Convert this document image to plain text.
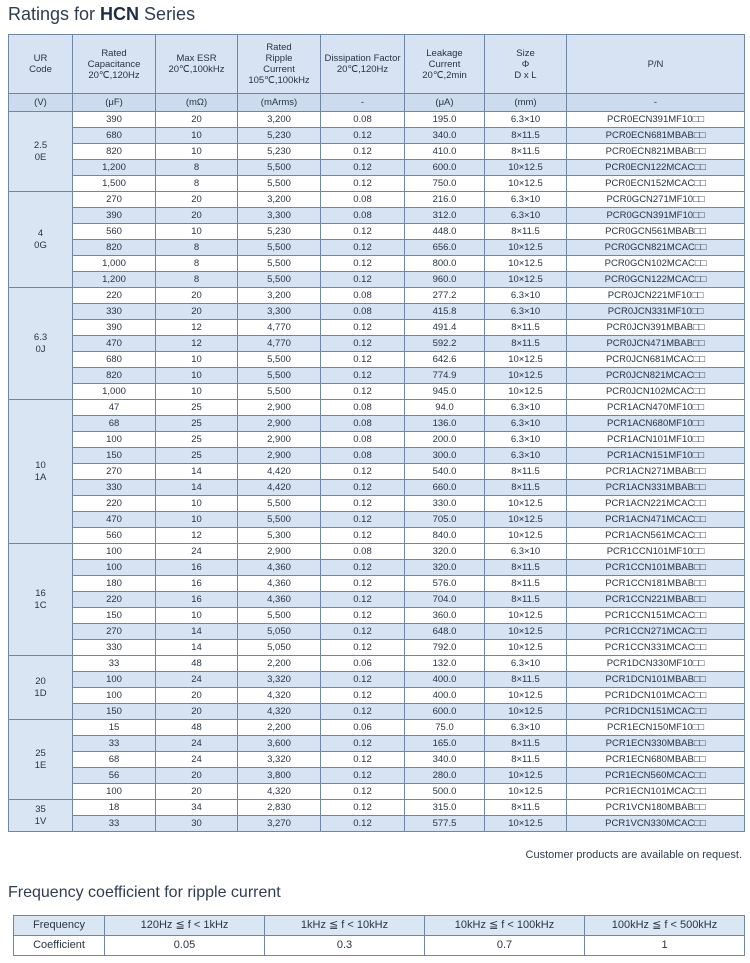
Ratings for HCN Series
UR
Code	Rated
Capacitance
20℃,120Hz	Max ESR
20℃,100kHz	Rated
Ripple
Current
105℃,100kHz	Dissipation Factor
20℃,120Hz	Leakage
Current
20℃,2min	Size
Φ
D x L	P/N
(V)	(μF)	(mΩ)	(mArms)	-	(μA)	(mm)	-
2.5
0E	390	20	3,200	0.08	195.0	6.3×10	PCR0ECN391MF10□□
	680	10	5,230	0.12	340.0	8×11.5	PCR0ECN681MBAB□□
	820	10	5,230	0.12	410.0	8×11.5	PCR0ECN821MBAB□□
	1,200	8	5,500	0.12	600.0	10×12.5	PCR0ECN122MCAC□□
	1,500	8	5,500	0.12	750.0	10×12.5	PCR0ECN152MCAC□□
4
0G	270	20	3,200	0.08	216.0	6.3×10	PCR0GCN271MF10□□
	390	20	3,300	0.08	312.0	6.3×10	PCR0GCN391MF10□□
	560	10	5,230	0.12	448.0	8×11.5	PCR0GCN561MBAB□□
	820	8	5,500	0.12	656.0	10×12.5	PCR0GCN821MCAC□□
	1,000	8	5,500	0.12	800.0	10×12.5	PCR0GCN102MCAC□□
	1,200	8	5,500	0.12	960.0	10×12.5	PCR0GCN122MCAC□□
6.3
0J	220	20	3,200	0.08	277.2	6.3×10	PCR0JCN221MF10□□
	330	20	3,300	0.08	415.8	6.3×10	PCR0JCN331MF10□□
	390	12	4,770	0.12	491.4	8×11.5	PCR0JCN391MBAB□□
	470	12	4,770	0.12	592.2	8×11.5	PCR0JCN471MBAB□□
	680	10	5,500	0.12	642.6	10×12.5	PCR0JCN681MCAC□□
	820	10	5,500	0.12	774.9	10×12.5	PCR0JCN821MCAC□□
	1,000	10	5,500	0.12	945.0	10×12.5	PCR0JCN102MCAC□□
10
1A	47	25	2,900	0.08	94.0	6.3×10	PCR1ACN470MF10□□
	68	25	2,900	0.08	136.0	6.3×10	PCR1ACN680MF10□□
	100	25	2,900	0.08	200.0	6.3×10	PCR1ACN101MF10□□
	150	25	2,900	0.08	300.0	6.3×10	PCR1ACN151MF10□□
	270	14	4,420	0.12	540.0	8×11.5	PCR1ACN271MBAB□□
	330	14	4,420	0.12	660.0	8×11.5	PCR1ACN331MBAB□□
	220	10	5,500	0.12	330.0	10×12.5	PCR1ACN221MCAC□□
	470	10	5,500	0.12	705.0	10×12.5	PCR1ACN471MCAC□□
	560	12	5,300	0.12	840.0	10×12.5	PCR1ACN561MCAC□□
16
1C	100	24	2,900	0.08	320.0	6.3×10	PCR1CCN101MF10□□
	100	16	4,360	0.12	320.0	8×11.5	PCR1CCN101MBAB□□
	180	16	4,360	0.12	576.0	8×11.5	PCR1CCN181MBAB□□
	220	16	4,360	0.12	704.0	8×11.5	PCR1CCN221MBAB□□
	150	10	5,500	0.12	360.0	10×12.5	PCR1CCN151MCAC□□
	270	14	5,050	0.12	648.0	10×12.5	PCR1CCN271MCAC□□
	330	14	5,050	0.12	792.0	10×12.5	PCR1CCN331MCAC□□
20
1D	33	48	2,200	0.06	132.0	6.3×10	PCR1DCN330MF10□□
	100	24	3,320	0.12	400.0	8×11.5	PCR1DCN101MBAB□□
	100	20	4,320	0.12	400.0	10×12.5	PCR1DCN101MCAC□□
	150	20	4,320	0.12	600.0	10×12.5	PCR1DCN151MCAC□□
25
1E	15	48	2,200	0.06	75.0	6.3×10	PCR1ECN150MF10□□
	33	24	3,600	0.12	165.0	8×11.5	PCR1ECN330MBAB□□
	68	24	3,320	0.12	340.0	8×11.5	PCR1ECN680MBAB□□
	56	20	3,800	0.12	280.0	10×12.5	PCR1ECN560MCAC□□
	100	20	4,320	0.12	500.0	10×12.5	PCR1ECN101MCAC□□
35
1V	18	34	2,830	0.12	315.0	8×11.5	PCR1VCN180MBAB□□
	33	30	3,270	0.12	577.5	10×12.5	PCR1VCN330MCAC□□
Customer products are available on request.
Frequency coefficient for ripple current
Frequency	120Hz ≦ f < 1kHz	1kHz ≦ f < 10kHz	10kHz ≦ f < 100kHz	100kHz ≦ f < 500kHz
Coefficient	0.05	0.3	0.7	1
